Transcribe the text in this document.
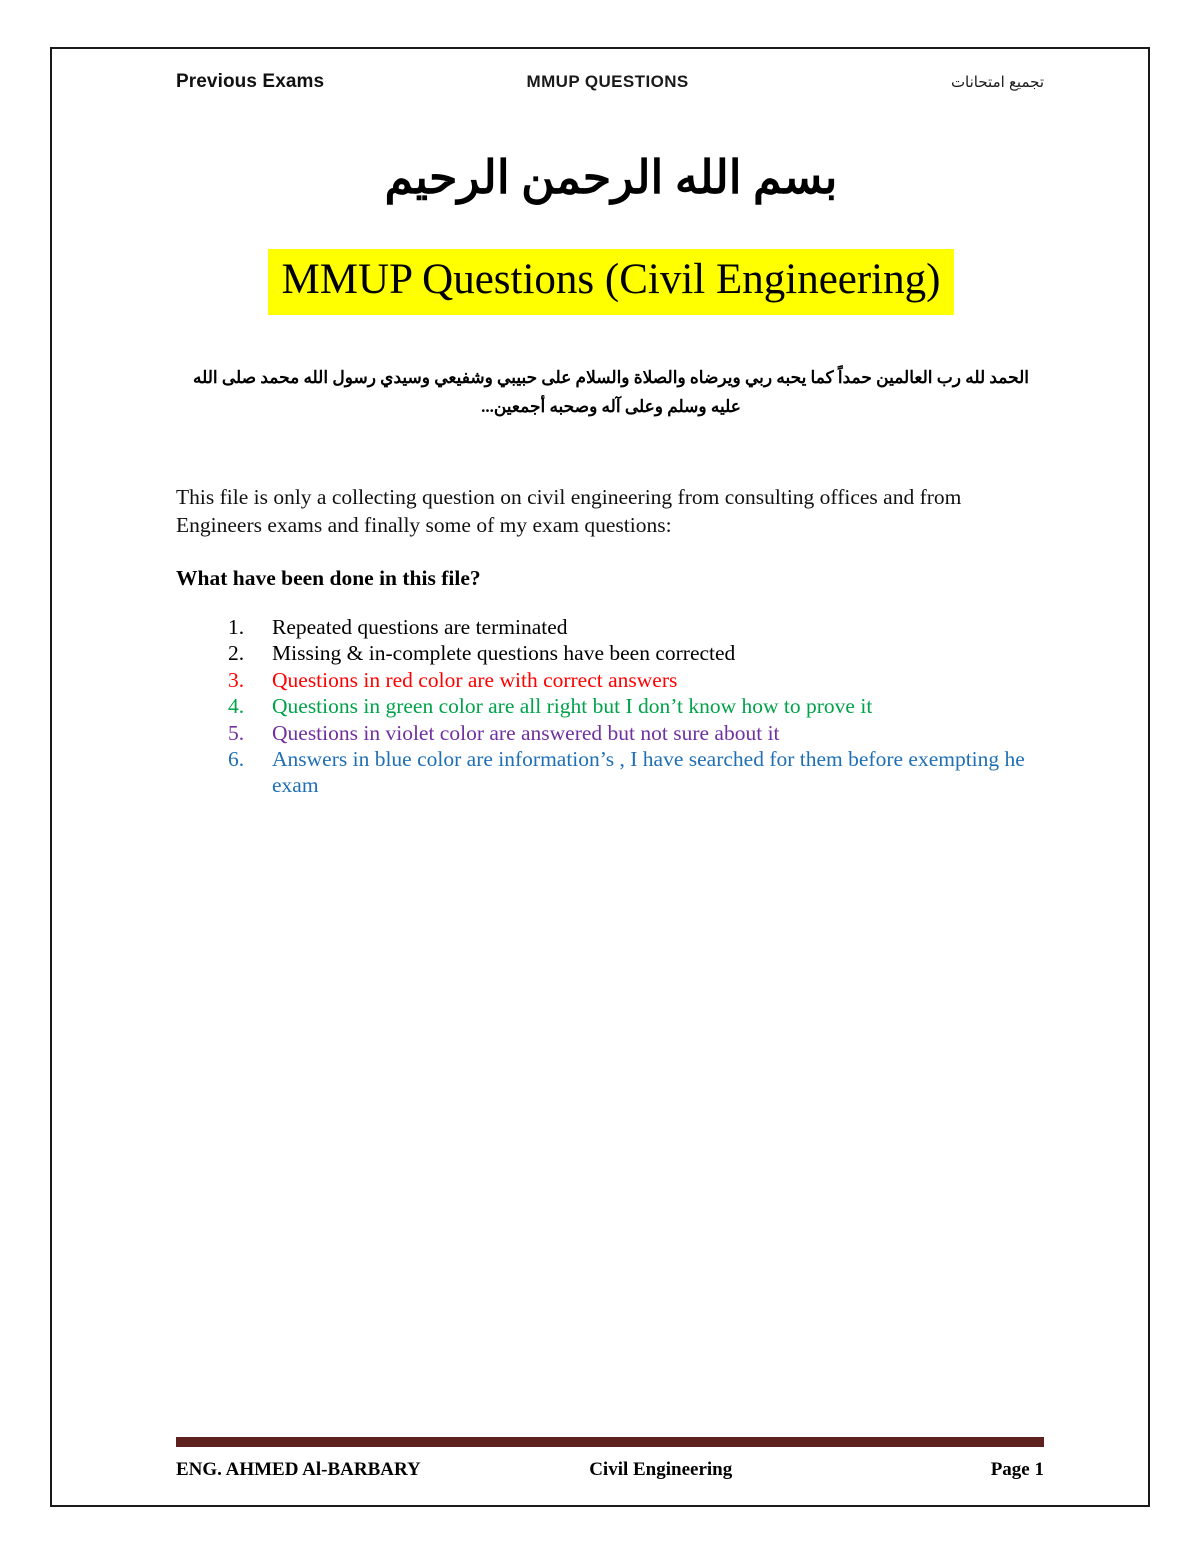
Previous Exams	MMUP QUESTIONS	تجميع امتحانات
بسم الله الرحمن الرحيم
MMUP Questions (Civil Engineering)
الحمد لله رب العالمين حمداً كما يحبه ربي ويرضاه والصلاة والسلام على حبيبي وشفيعي وسيدي رسول الله محمد صلى الله عليه وسلم وعلى آله وصحبه أجمعين...

This file is only a collecting question on civil engineering from consulting offices and from Engineers exams and finally some of my exam questions:

What have been done in this file?

Repeated questions are terminated
Missing & in-complete questions have been corrected
Questions in red color are with correct answers
Questions in green color are all right but I don’t know how to prove it
Questions in violet color are answered but not sure about it
Answers in blue color are information’s , I have searched for them before exempting he exam
ENG. AHMED Al-BARBARY	Civil Engineering	Page 1
